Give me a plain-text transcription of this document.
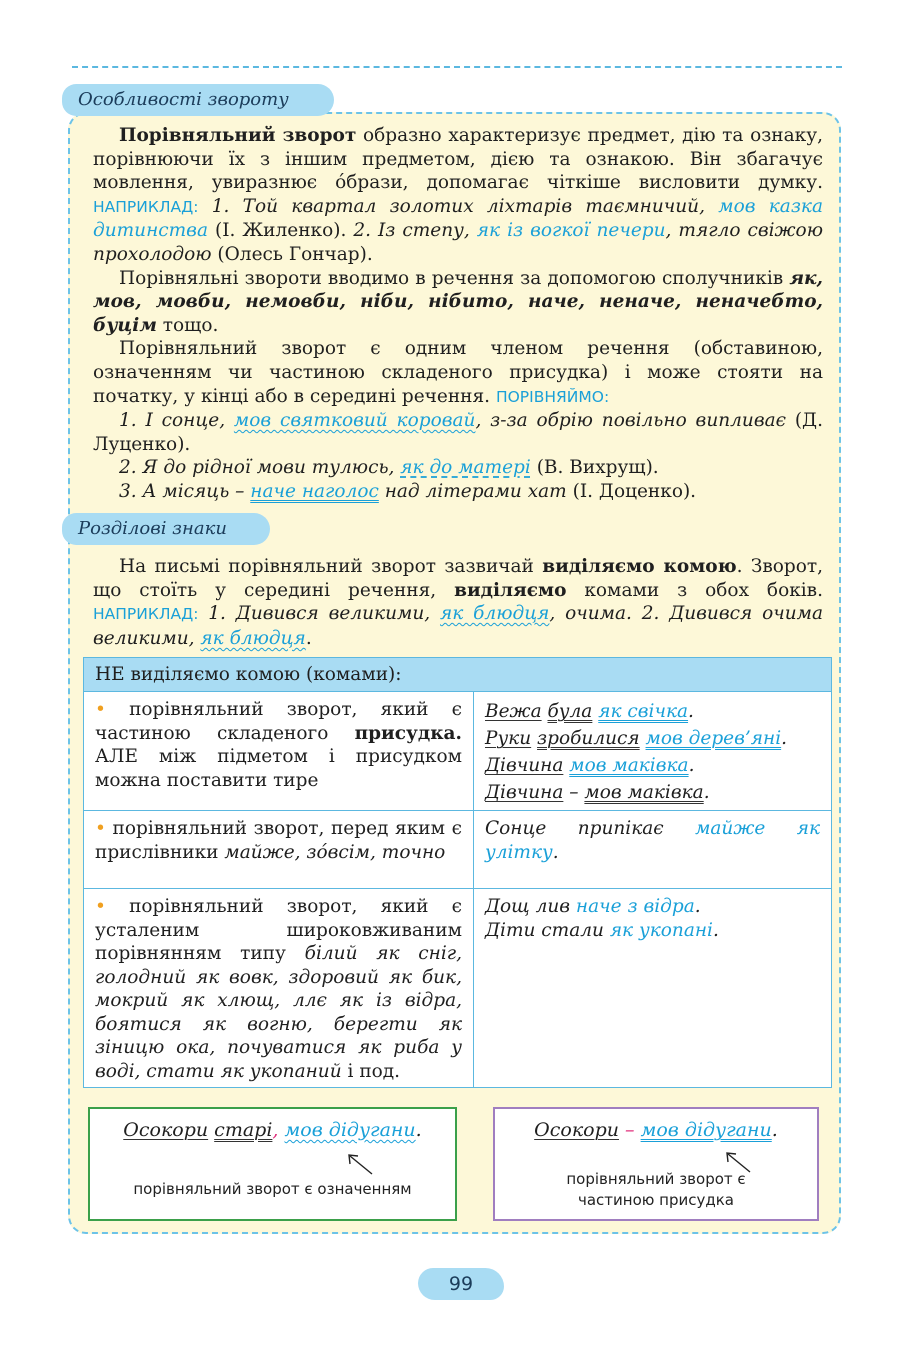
Особливості звороту

Порівняльний зворот образно характеризує предмет, дію та ознаку, порівнюючи їх з іншим предметом, дією та ознакою. Він збагачує мовлення, увиразнює óбрази, допомагає чіткіше висловити думку. НАПРИКЛАД: 1. Той квартал золотих ліхтарів таємничий, мов казка дитинства (І. Жиленко). 2. Із степу, як із вогкої печери, тягло свіжою прохолодою (Олесь Гончар).

Порівняльні звороти вводимо в речення за допомогою сполучників як, мов, мовби, немовби, ніби, нібито, наче, неначе, неначебто, буцім тощо.

Порівняльний зворот є одним членом речення (обставиною, означенням чи частиною складеного присудка) і може стояти на початку, у кінці або в середині речення. ПОРІВНЯЙМО:

1. І сонце, мов святковий коровай, з-за обрію повільно випливає (Д. Луценко).

2. Я до рідної мови тулюсь, як до матері (В. Вихрущ).

3. А місяць – наче наголос над літерами хат (І. Доценко).

Розділові знаки

На письмі порівняльний зворот зазвичай виділяємо комою. Зворот, що стоїть у середині речення, виділяємо комами з обох боків. НАПРИКЛАД: 1. Дивився великими, як блюдця, очима. 2. Дивився очима великими, як блюдця.

НЕ виділяємо комою (комами):	
• порівняльний зворот, який є частиною складеного присудка. АЛЕ між підметом і присудком можна поставити тире	Вежа була як свічка.
Руки зробилися мов дерев’яні.
Дівчина мов маківка.
Дівчина – мов маківка.

• порівняльний зворот, перед яким є прислівники майже, зóвсім, точно	Сонце припікає майже як улітку.
• порівняльний зворот, який є усталеним широковживаним порівнянням типу білий як сніг, голодний як вовк, здоровий як бик, мокрий як хлющ, ллє як із відра, боятися як вогню, берегти як зіницю ока, почуватися як риба у воді, стати як укопаний і под.	Дощ лив наче з відра.
Діти стали як укопані.
Осокори старі, мов дідугани.
порівняльний зворот є означенням
Осокори – мов дідугани.
порівняльний зворот є
частиною присудка
99
